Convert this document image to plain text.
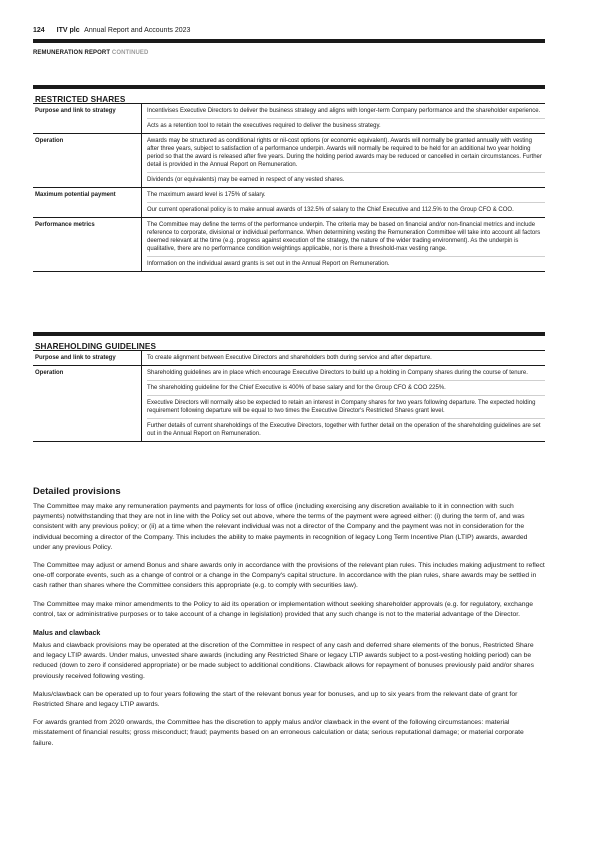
124 ITV plc Annual Report and Accounts 2023
REMUNERATION REPORT CONTINUED
RESTRICTED SHARES
Purpose and link to strategy	Incentivises Executive Directors to deliver the business strategy and aligns with longer-term Company performance and the shareholder experience.

Acts as a retention tool to retain the executives required to deliver the business strategy.

Operation	Awards may be structured as conditional rights or nil-cost options (or economic equivalent). Awards will normally be granted annually with vesting after three years, subject to satisfaction of a performance underpin. Awards will normally be required to be held for an additional two year holding period so that the award is released after five years. During the holding period awards may be reduced or cancelled in certain circumstances. Further detail is provided in the Annual Report on Remuneration.

Dividends (or equivalents) may be earned in respect of any vested shares.

Maximum potential payment	The maximum award level is 175% of salary.

Our current operational policy is to make annual awards of 132.5% of salary to the Chief Executive and 112.5% to the Group CFO & COO.

Performance metrics	The Committee may define the terms of the performance underpin. The criteria may be based on financial and/or non-financial metrics and include reference to corporate, divisional or individual performance. When determining vesting the Remuneration Committee will take into account all factors deemed relevant at the time (e.g. progress against execution of the strategy, the nature of the wider trading environment). As the underpin is qualitative, there are no performance condition weightings applicable, nor is there a threshold-max vesting range.

Information on the individual award grants is set out in the Annual Report on Remuneration.

SHAREHOLDING GUIDELINES
Purpose and link to strategy	To create alignment between Executive Directors and shareholders both during service and after departure.

Operation	Shareholding guidelines are in place which encourage Executive Directors to build up a holding in Company shares during the course of tenure.

The shareholding guideline for the Chief Executive is 400% of base salary and for the Group CFO & COO 225%.

Executive Directors will normally also be expected to retain an interest in Company shares for two years following departure. The expected holding requirement following departure will be equal to two times the Executive Director's Restricted Shares grant level.

Further details of current shareholdings of the Executive Directors, together with further detail on the operation of the shareholding guidelines are set out in the Annual Report on Remuneration.

Detailed provisions

The Committee may make any remuneration payments and payments for loss of office (including exercising any discretion available to it in connection with such payments) notwithstanding that they are not in line with the Policy set out above, where the terms of the payment were agreed either: (i) during the term of, and was consistent with any previous policy; or (ii) at a time when the relevant individual was not a director of the Company and the payment was not in consideration for the individual becoming a director of the Company. This includes the ability to make payments in recognition of legacy Long Term Incentive Plan (LTIP) awards, awarded under any previous Policy.

The Committee may adjust or amend Bonus and share awards only in accordance with the provisions of the relevant plan rules. This includes making adjustment to reflect one-off corporate events, such as a change of control or a change in the Company's capital structure. In accordance with the plan rules, share awards may be settled in cash rather than shares where the Committee considers this appropriate (e.g. to comply with securities law).

The Committee may make minor amendments to the Policy to aid its operation or implementation without seeking shareholder approvals (e.g. for regulatory, exchange control, tax or administrative purposes or to take account of a change in legislation) provided that any such change is not to the material advantage of the Director.

Malus and clawback

Malus and clawback provisions may be operated at the discretion of the Committee in respect of any cash and deferred share elements of the bonus, Restricted Share and legacy LTIP awards. Under malus, unvested share awards (including any Restricted Share or legacy LTIP awards subject to a post-vesting holding period) can be reduced (down to zero if considered appropriate) or be made subject to additional conditions. Clawback allows for repayment of bonuses previously paid and/or shares previously received following vesting.

Malus/clawback can be operated up to four years following the start of the relevant bonus year for bonuses, and up to six years from the relevant date of grant for Restricted Share and legacy LTIP awards.

For awards granted from 2020 onwards, the Committee has the discretion to apply malus and/or clawback in the event of the following circumstances: material misstatement of financial results; gross misconduct; fraud; payments based on an erroneous calculation or data; serious reputational damage; or material corporate failure.
